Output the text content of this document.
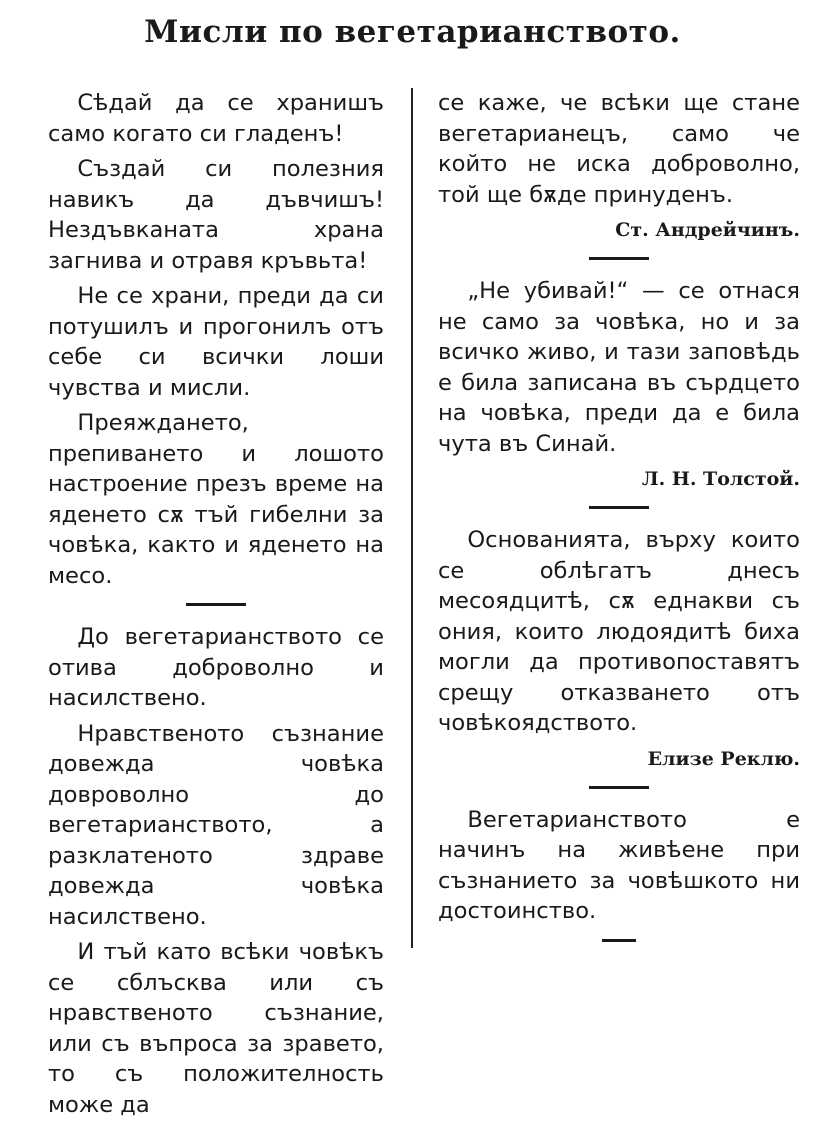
Мисли по вегетарианството.

Сѣдай да се хранишъ само когато си гладенъ!

Създай си полезния навикъ да дъвчишъ! Нездъвканата храна загнива и отравя кръвьта!

Не се храни, преди да си потушилъ и прогонилъ отъ себе си всички лоши чувства и мисли.

Преяжданeто, препиването и лошото настроение презъ време на яденето сѫ тъй гибелни за човѣка, както и яденето на месо.

До вегетарианството се отива доброволно и насилствено.

Нравственото съзнание довежда човѣка довроволно до вегетарианството, а разклатеното здраве довежда човѣка насилствено.

И тъй като всѣки човѣкъ се сблъсква или съ нравственото съзнание, или съ въпроса за зравето, то съ положителность може да

се каже, че всѣки ще стане вегетарианецъ, само че който не иска доброволно, той ще бѫде принуденъ.

Ст. Андрейчинъ.

„Не убивай!“ — се отнася не само за човѣка, но и за всичко живо, и тази заповѣдь е била записана въ сърдцето на човѣка, преди да е била чута въ Синай.

Л. Н. Толстой.

Основанията, върху които се облѣгатъ днесъ месоядцитѣ, сѫ еднакви съ ония, които людоядитѣ биха могли да противопоставятъ срещу отказването отъ човѣкоядството.

Елизе Реклю.

Вегетарианството е начинъ на живѣене при съзнанието за човѣшкото ни достоинство.
